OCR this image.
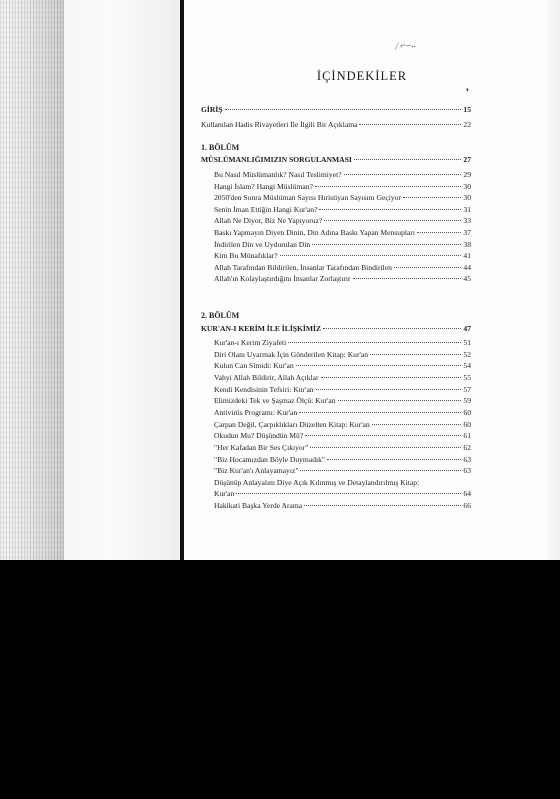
⁄ ⌐–..
❜
İÇİNDEKİLER
GİRİŞ	15
Kullanılan Hadis Rivayetleri İle İlgili Bir Açıklama	22
1. BÖLÜM
MÜSLÜMANLIĞIMIZIN SORGULANMASI	27
Bu Nasıl Müslümanlık? Nasıl Teslimiyet?	29
Hangi İslam? Hangi Müslüman?	30
2050'den Sonra Müslüman Sayısı Hıristiyan Sayısını Geçiyor	30
Senin İman Ettiğin Hangi Kur'an?	31
Allah Ne Diyor, Biz Ne Yapıyoruz?	33
Baskı Yapmayın Diyen Dinin, Din Adına Baskı Yapan Mensupları	37
İndirilen Din ve Uydurulan Din	38
Kim Bu Münafıklar?	41
Allah Tarafından Bildirilen, İnsanlar Tarafından Bindirilen	44
Allah'ın Kolaylaştırdığını İnsanlar Zorlaştırır	45
2. BÖLÜM
KUR'AN-I KERİM İLE İLİŞKİMİZ	47
Kur'an-ı Kerim Ziyafeti	51
Diri Olanı Uyarmak İçin Gönderilen Kitap: Kur'an	52
Kulun Can Simidi: Kur'an	54
Vahyi Allah Bildirir, Allah Açıklar	55
Kendi Kendisinin Tefsiri: Kur'an	57
Elimizdeki Tek ve Şaşmaz Ölçü: Kur'an	59
Antivirüs Programı: Kur'an	60
Çarpan Değil, Çarpıklıkları Düzelten Kitap: Kur'an	60
Okudun Mu? Düşündün Mü?	61
"Her Kafadan Bir Ses Çıkıyor"	62
"Biz Hocamızdan Böyle Duymadık"	63
"Biz Kur'an'ı Anlayamayız"	63
Düşünüp Anlayalım Diye Açık Kılınmış ve Detaylandırılmış Kitap:
Kur'an	64
Hakikati Başka Yerde Arama	66
